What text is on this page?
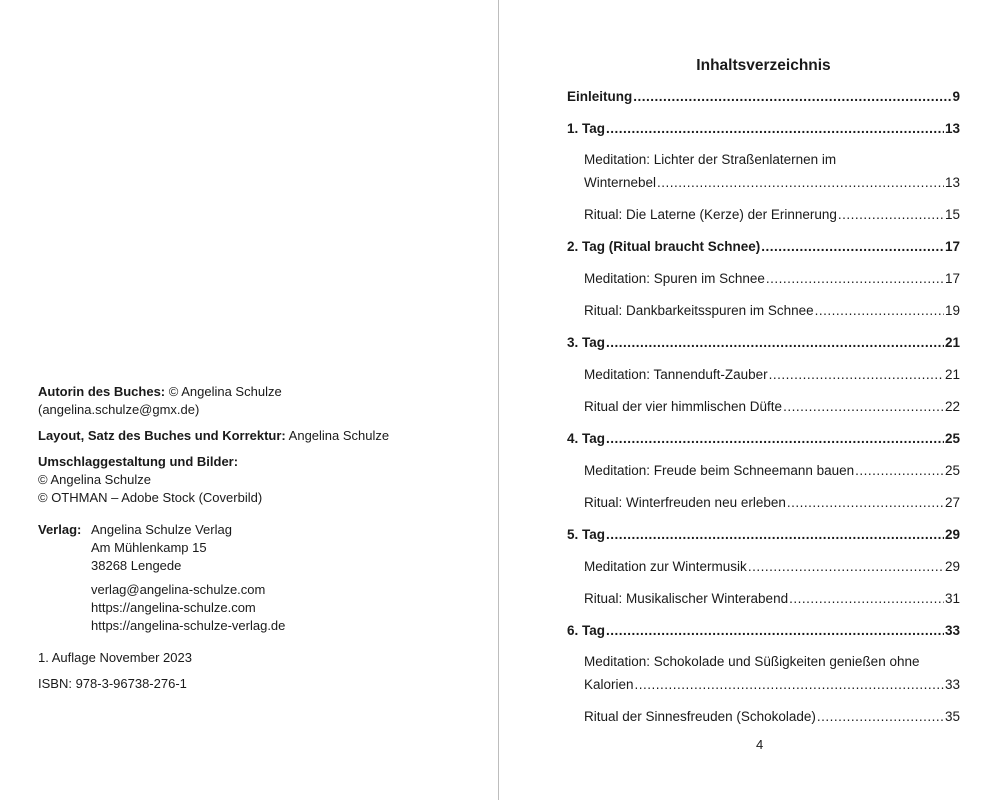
Autorin des Buches: © Angelina Schulze

(angelina.schulze@gmx.de)

Layout, Satz des Buches und Korrektur: Angelina Schulze

Umschlaggestaltung und Bilder:

© Angelina Schulze

© OTHMAN – Adobe Stock (Coverbild)

Verlag: Angelina Schulze Verlag
Am Mühlenkamp 15
38268 Lengede
verlag@angelina-schulze.com
https://angelina-schulze.com
https://angelina-schulze-verlag.de

1. Auflage November 2023

ISBN: 978-3-96738-276-1

Inhaltsverzeichnis
Einleitung .....	9
1. Tag .....	13
Meditation: Lichter der Straßenlaternen im
Winternebel .....	13
Ritual: Die Laterne (Kerze) der Erinnerung .....	15
2. Tag (Ritual braucht Schnee) .....	17
Meditation: Spuren im Schnee .....	17
Ritual: Dankbarkeitsspuren im Schnee .....	19
3. Tag .....	21
Meditation: Tannenduft-Zauber .....	21
Ritual der vier himmlischen Düfte .....	22
4. Tag .....	25
Meditation: Freude beim Schneemann bauen .....	25
Ritual: Winterfreuden neu erleben .....	27
5. Tag .....	29
Meditation zur Wintermusik .....	29
Ritual: Musikalischer Winterabend .....	31
6. Tag .....	33
Meditation: Schokolade und Süßigkeiten genießen ohne
Kalorien .....	33
Ritual der Sinnesfreuden (Schokolade) .....	35
4
